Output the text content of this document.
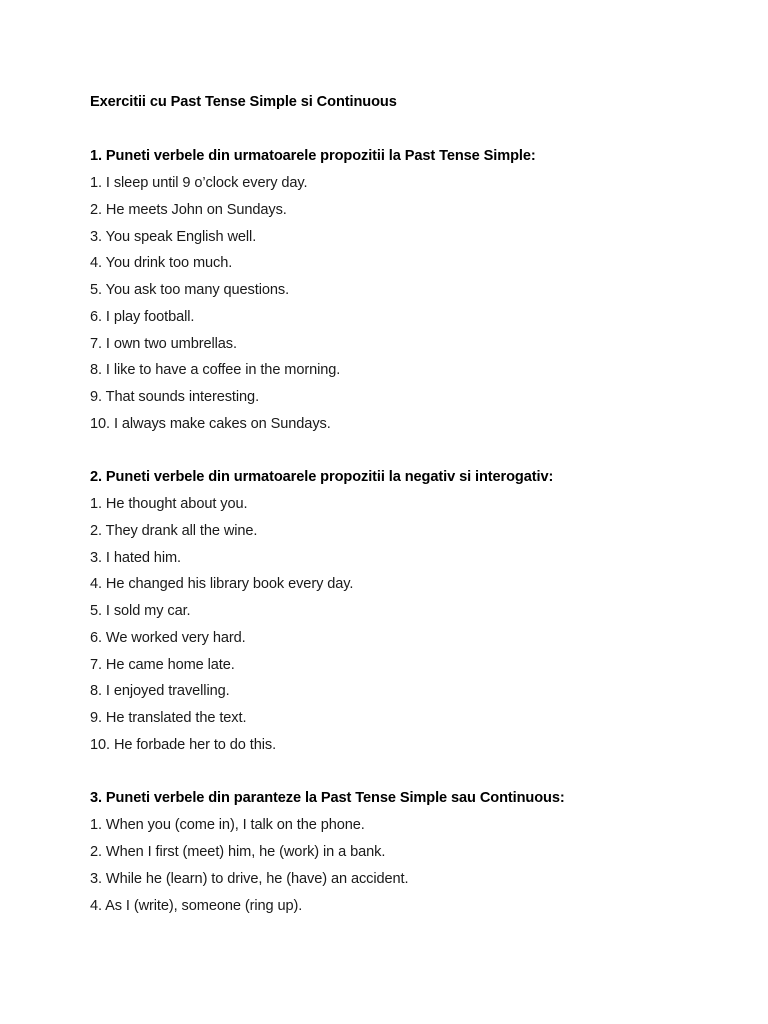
Exercitii cu Past Tense Simple si Continuous
1. Puneti verbele din urmatoarele propozitii la Past Tense Simple:
1. I sleep until 9 o’clock every day.
2. He meets John on Sundays.
3. You speak English well.
4. You drink too much.
5. You ask too many questions.
6. I play football.
7. I own two umbrellas.
8. I like to have a coffee in the morning.
9. That sounds interesting.
10. I always make cakes on Sundays.
2. Puneti verbele din urmatoarele propozitii la negativ si interogativ:
1. He thought about you.
2. They drank all the wine.
3. I hated him.
4. He changed his library book every day.
5. I sold my car.
6. We worked very hard.
7. He came home late.
8. I enjoyed travelling.
9. He translated the text.
10. He forbade her to do this.
3. Puneti verbele din paranteze la Past Tense Simple sau Continuous:
1. When you (come in), I talk on the phone.
2. When I first (meet) him, he (work) in a bank.
3. While he (learn) to drive, he (have) an accident.
4. As I (write), someone (ring up).
